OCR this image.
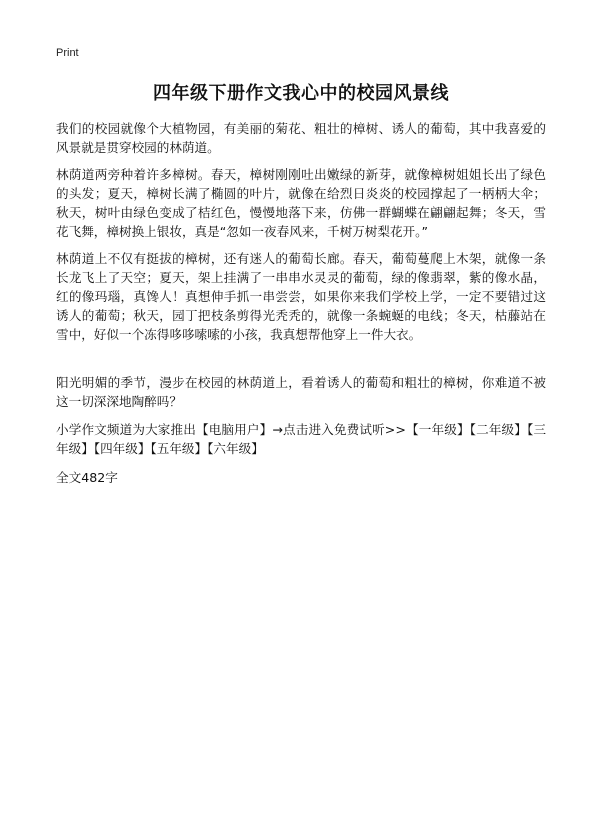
Print
四年级下册作文我心中的校园风景线

我们的校园就像个大植物园，有美丽的菊花、粗壮的樟树、诱人的葡萄，其中我喜爱的风景就是贯穿校园的林荫道。

林荫道两旁种着许多樟树。春天，樟树刚刚吐出嫩绿的新芽，就像樟树姐姐长出了绿色的头发；夏天，樟树长满了椭圆的叶片，就像在给烈日炎炎的校园撑起了一柄柄大伞；秋天，树叶由绿色变成了桔红色，慢慢地落下来，仿佛一群蝴蝶在翩翩起舞；冬天，雪花飞舞，樟树换上银妆，真是“忽如一夜春风来，千树万树梨花开。”

林荫道上不仅有挺拔的樟树，还有迷人的葡萄长廊。春天，葡萄蔓爬上木架，就像一条长龙飞上了天空；夏天，架上挂满了一串串水灵灵的葡萄，绿的像翡翠，紫的像水晶，红的像玛瑙，真馋人！真想伸手抓一串尝尝，如果你来我们学校上学，一定不要错过这诱人的葡萄；秋天，园丁把枝条剪得光秃秃的，就像一条蜿蜒的电线；冬天，枯藤站在雪中，好似一个冻得哆哆嗦嗦的小孩，我真想帮他穿上一件大衣。

阳光明媚的季节，漫步在校园的林荫道上，看着诱人的葡萄和粗壮的樟树，你难道不被这一切深深地陶醉吗？

小学作文频道为大家推出【电脑用户】→点击进入免费试听>>【一年级】【二年级】【三年级】【四年级】【五年级】【六年级】

全文482字
